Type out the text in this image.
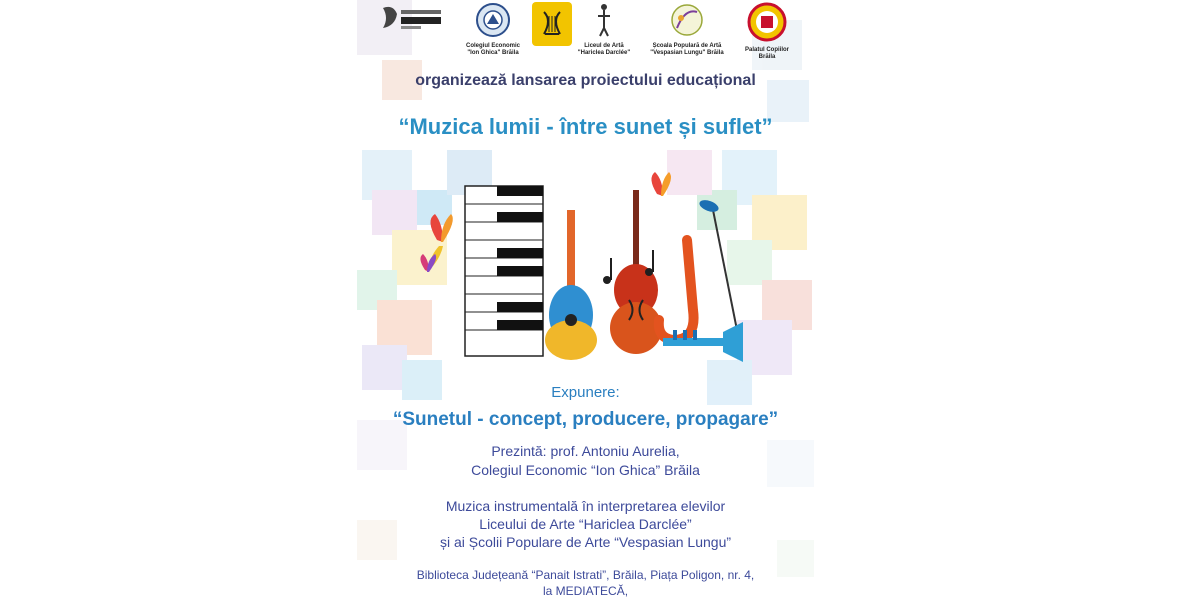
Colegiul Economic
"Ion Ghica" Brăila
Liceul de Artă
"Hariclea Darclée"
Școala Populară de Artă
"Vespasian Lungu" Brăila	Palatul Copiilor
Brăila

organizează lansarea proiectului educațional

“Muzica lumii - între sunet și suflet”

Expunere:

“Sunetul - concept, producere, propagare”

Prezintă: prof. Antoniu Aurelia,

Colegiul Economic “Ion Ghica” Brăila

Muzica instrumentală în interpretarea elevilor

Liceului de Arte “Hariclea Darclée”

și ai Școlii Populare de Arte “Vespasian Lungu”

Biblioteca Județeană “Panait Istrati”, Brăila, Piața Poligon, nr. 4,

la MEDIATECĂ,
